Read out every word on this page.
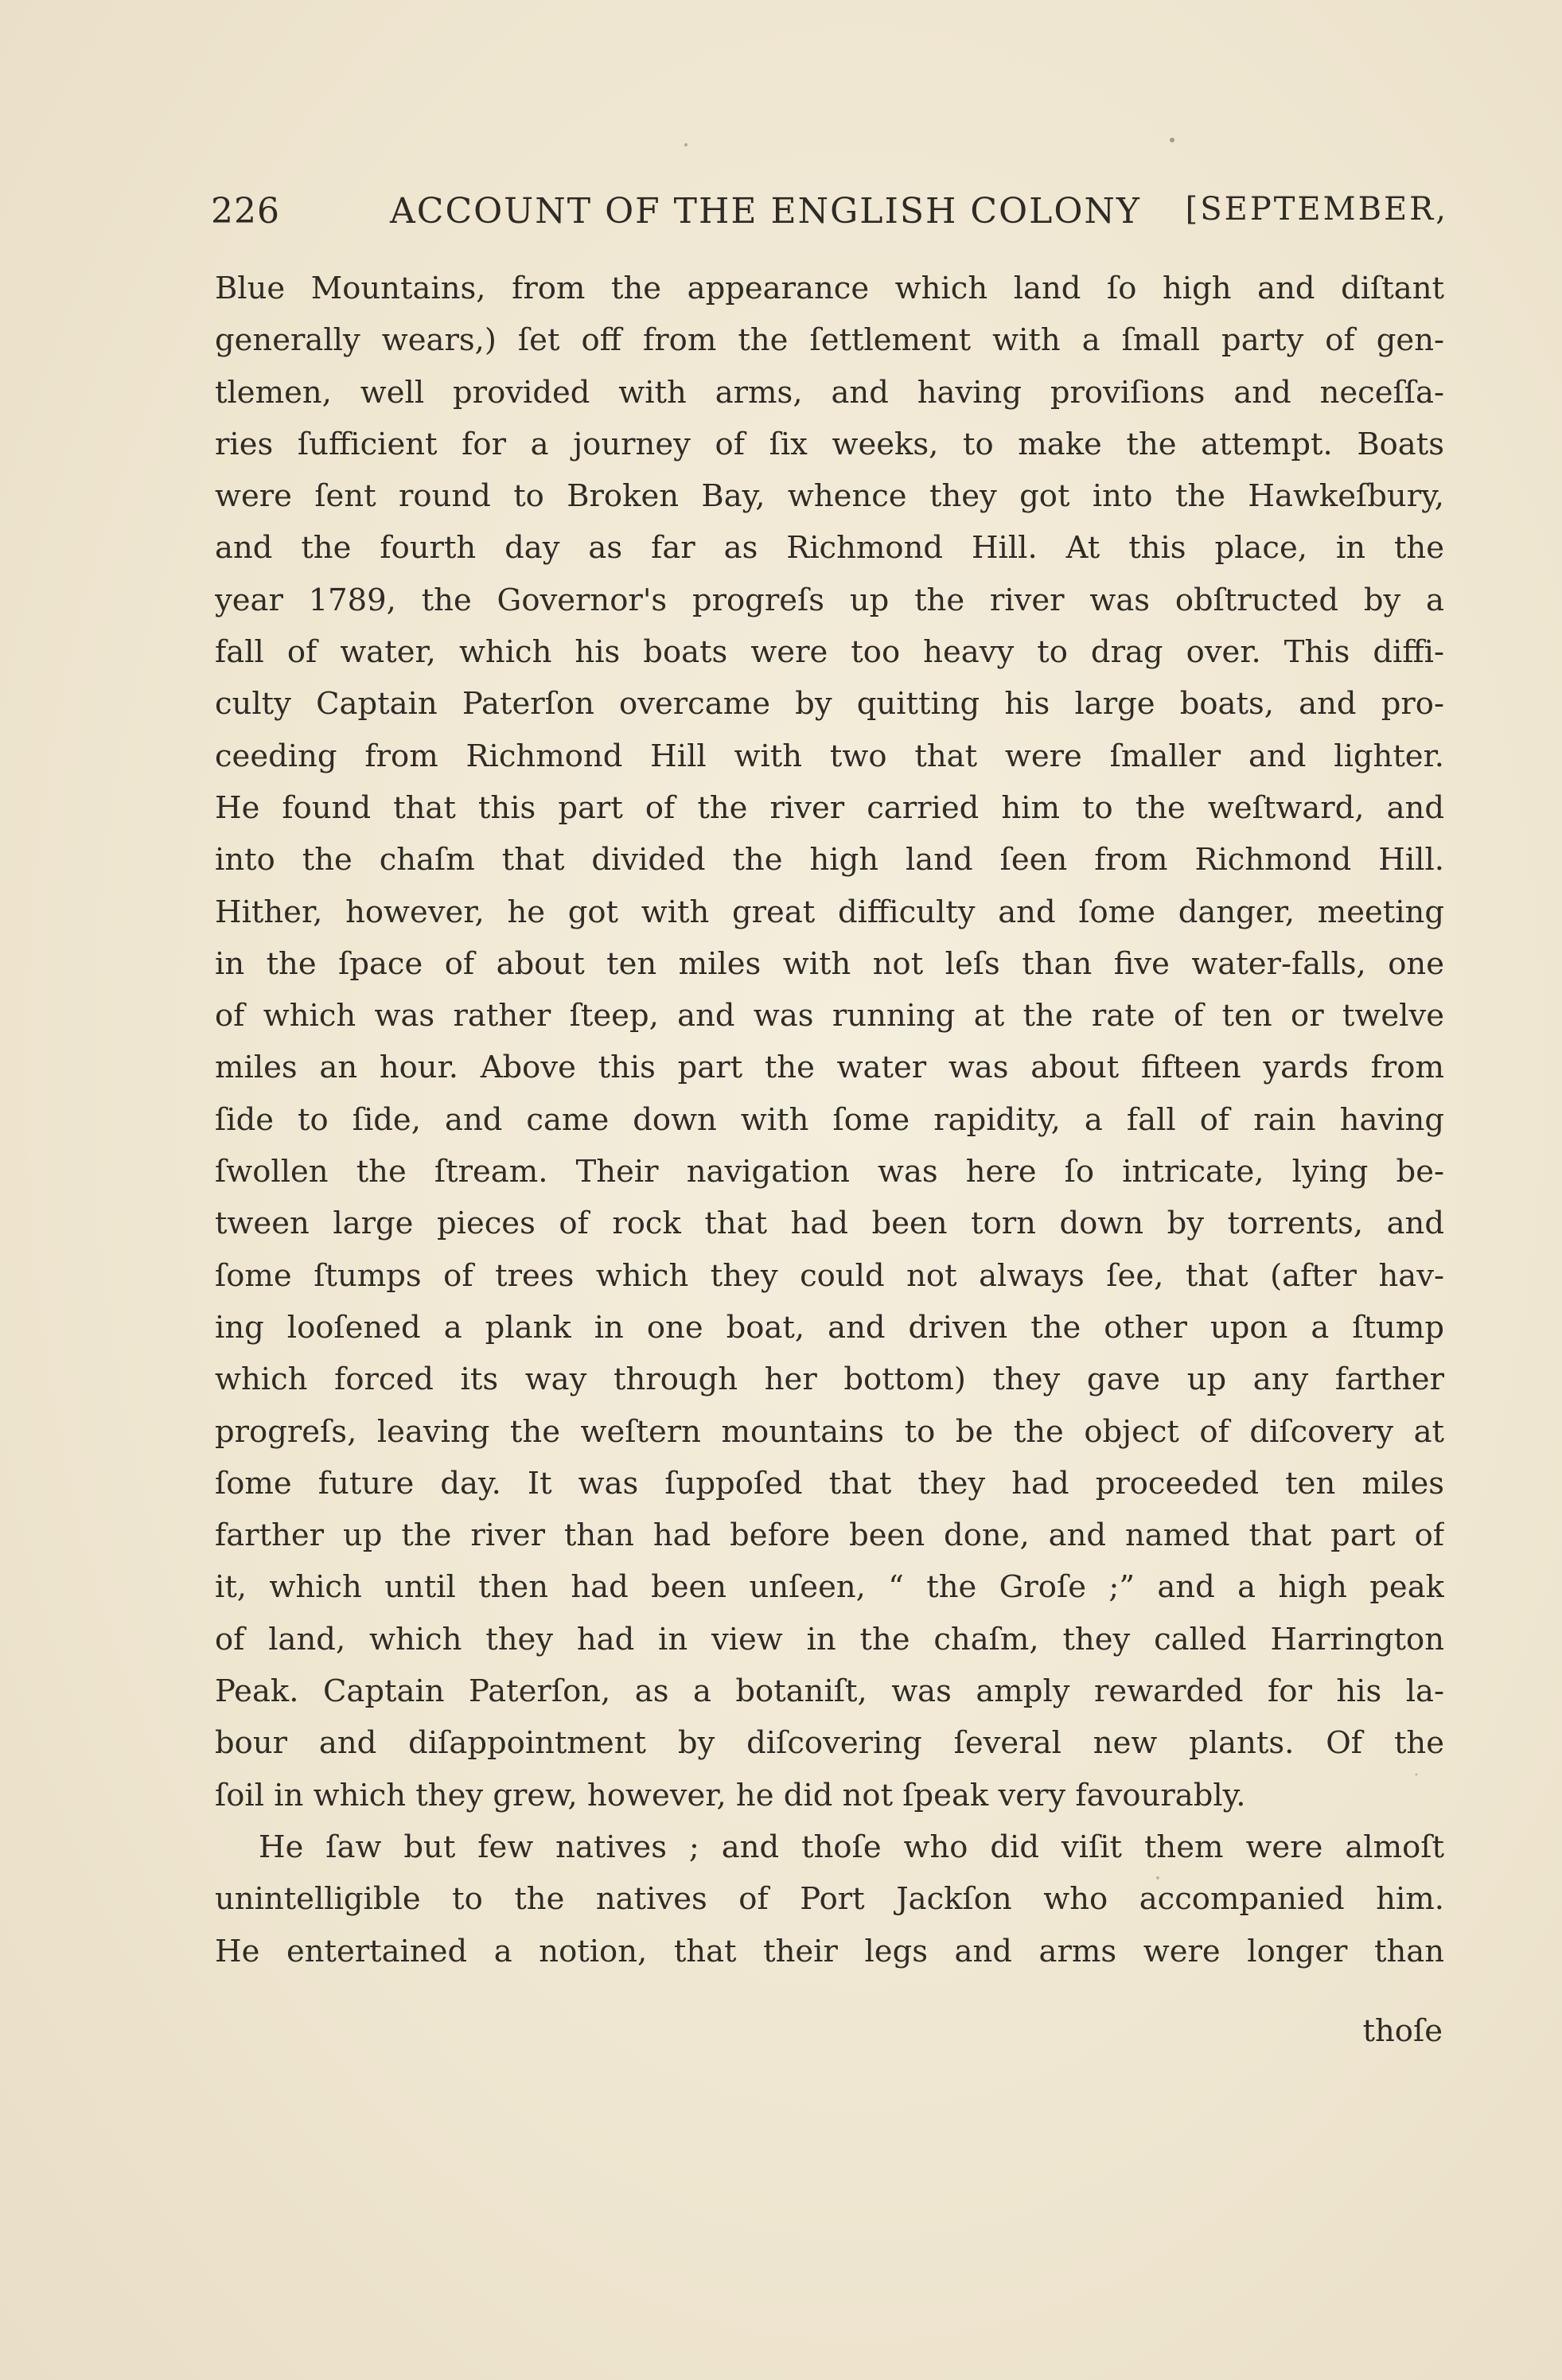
226	ACCOUNT OF THE ENGLISH COLONY [SEPTEMBER,
Blue Mountains, from the appearance which land ſo high and diſtant
generally wears,) ſet off from the ſettlement with a ſmall party of gen-
tlemen, well provided with arms, and having proviſions and neceſſa-
ries ſufficient for a journey of ſix weeks, to make the attempt. Boats
were ſent round to Broken Bay, whence they got into the Hawkeſbury,
and the fourth day as far as Richmond Hill. At this place, in the
year 1789, the Governor's progreſs up the river was obſtructed by a
fall of water, which his boats were too heavy to drag over. This diffi-
culty Captain Paterſon overcame by quitting his large boats, and pro-
ceeding from Richmond Hill with two that were ſmaller and lighter.
He found that this part of the river carried him to the weſtward, and
into the chaſm that divided the high land ſeen from Richmond Hill.
Hither, however, he got with great difficulty and ſome danger, meeting
in the ſpace of about ten miles with not leſs than five water-falls, one
of which was rather ſteep, and was running at the rate of ten or twelve
miles an hour. Above this part the water was about fifteen yards from
ſide to ſide, and came down with ſome rapidity, a fall of rain having
ſwollen the ſtream. Their navigation was here ſo intricate, lying be-
tween large pieces of rock that had been torn down by torrents, and
ſome ſtumps of trees which they could not always ſee, that (after hav-
ing looſened a plank in one boat, and driven the other upon a ſtump
which forced its way through her bottom) they gave up any farther
progreſs, leaving the weſtern mountains to be the object of diſcovery at
ſome future day. It was ſuppoſed that they had proceeded ten miles
farther up the river than had before been done, and named that part of
it, which until then had been unſeen, “ the Groſe ;” and a high peak
of land, which they had in view in the chaſm, they called Harrington
Peak. Captain Paterſon, as a botaniſt, was amply rewarded for his la-
bour and diſappointment by diſcovering ſeveral new plants. Of the
ſoil in which they grew, however, he did not ſpeak very favourably.
He ſaw but few natives ; and thoſe who did viſit them were almoſt
unintelligible to the natives of Port Jackſon who accompanied him.
He entertained a notion, that their legs and arms were longer than
thoſe
